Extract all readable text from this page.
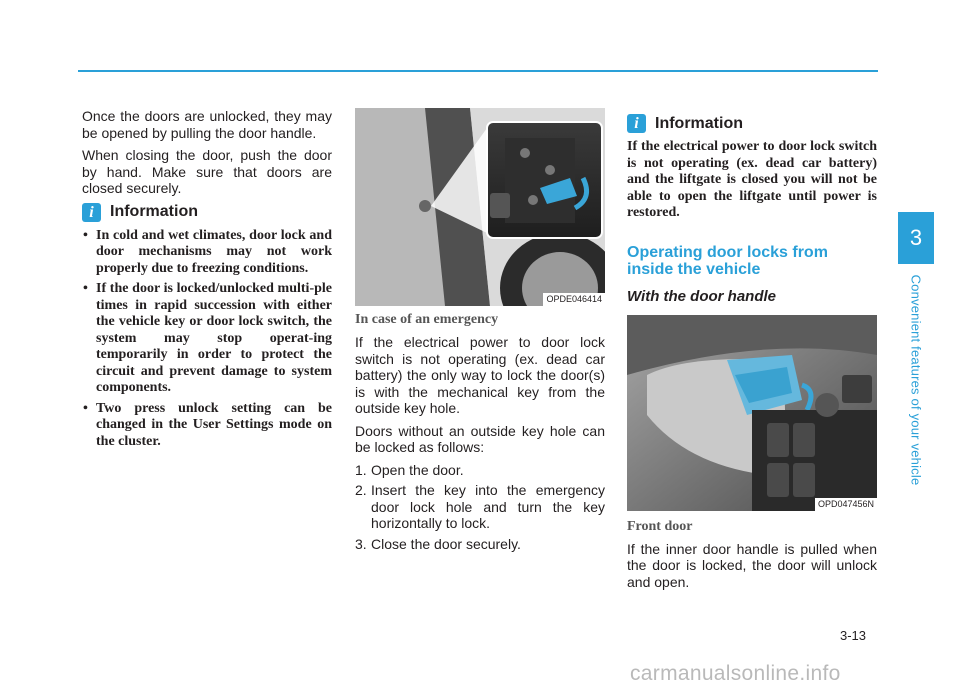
Once the doors are unlocked, they may be opened by pulling the door handle.

When closing the door, push the door by hand. Make sure that doors are closed securely.

i	Information
• In cold and wet climates, door lock and door mechanisms may not work properly due to freezing conditions.
• If the door is locked/unlocked multi-ple times in rapid succession with either the vehicle key or door lock switch, the system may stop operat-ing temporarily in order to protect the circuit and prevent damage to system components.
• Two press unlock setting can be changed in the User Settings mode on the cluster.
OPDE046414
In case of an emergency

If the electrical power to door lock switch is not operating (ex. dead car battery) the only way to lock the door(s) is with the mechanical key from the outside key hole.

Doors without an outside key hole can be locked as follows:

1. Open the door.
2. Insert the key into the emergency door lock hole and turn the key horizontally to lock.
3. Close the door securely.
i	Information

If the electrical power to door lock switch is not operating (ex. dead car battery) and the liftgate is closed you will not be able to open the liftgate until power is restored.

Operating door locks from inside the vehicle
With the door handle
OPD047456N
Front door

If the inner door handle is pulled when the door is locked, the door will unlock and open.

3
Convenient features of your vehicle
3-13
carmanualsonline.info
